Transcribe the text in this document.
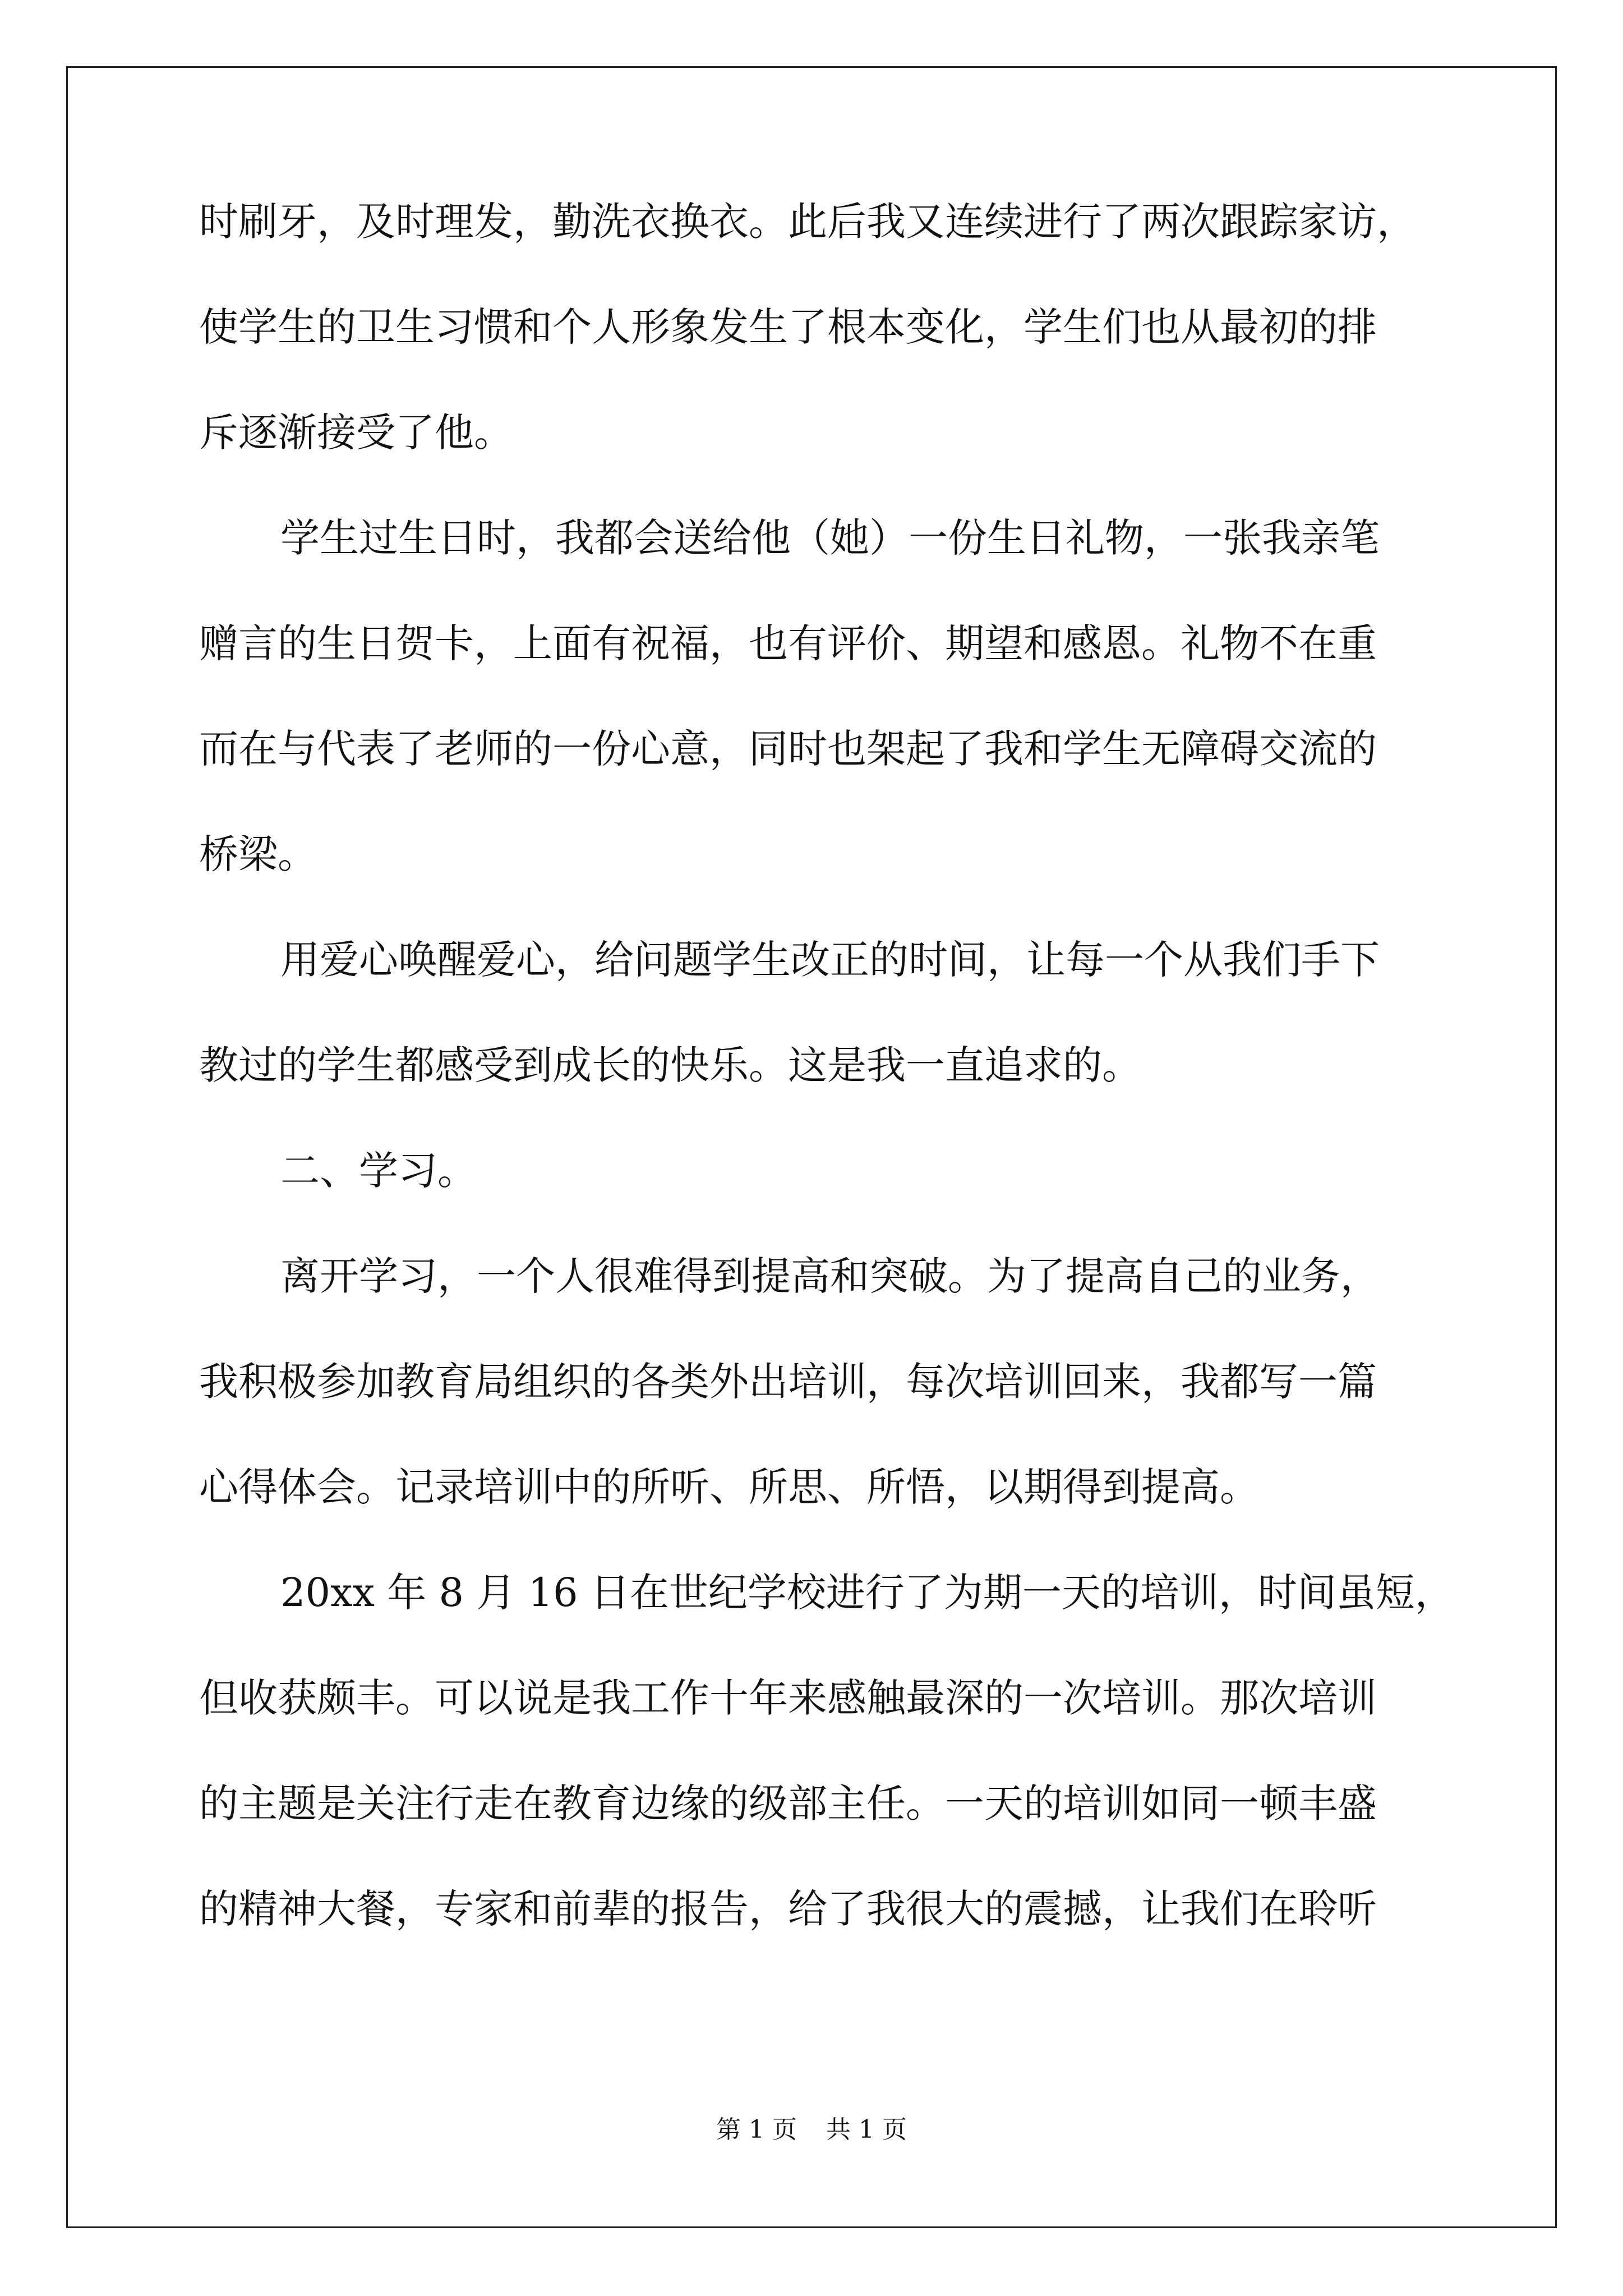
时刷牙，及时理发，勤洗衣换衣。此后我又连续进行了两次跟踪家访，
使学生的卫生习惯和个人形象发生了根本变化，学生们也从最初的排
斥逐渐接受了他。
学生过生日时，我都会送给他（她）一份生日礼物，一张我亲笔
赠言的生日贺卡，上面有祝福，也有评价、期望和感恩。礼物不在重
而在与代表了老师的一份心意，同时也架起了我和学生无障碍交流的
桥梁。
用爱心唤醒爱心，给问题学生改正的时间，让每一个从我们手下
教过的学生都感受到成长的快乐。这是我一直追求的。
二、学习。
离开学习，一个人很难得到提高和突破。为了提高自己的业务，
我积极参加教育局组织的各类外出培训，每次培训回来，我都写一篇
心得体会。记录培训中的所听、所思、所悟，以期得到提高。
20xx 年 8 月 16 日在世纪学校进行了为期一天的培训，时间虽短，
但收获颇丰。可以说是我工作十年来感触最深的一次培训。那次培训
的主题是关注行走在教育边缘的级部主任。一天的培训如同一顿丰盛
的精神大餐，专家和前辈的报告，给了我很大的震撼，让我们在聆听
第 1 页 共 1 页
